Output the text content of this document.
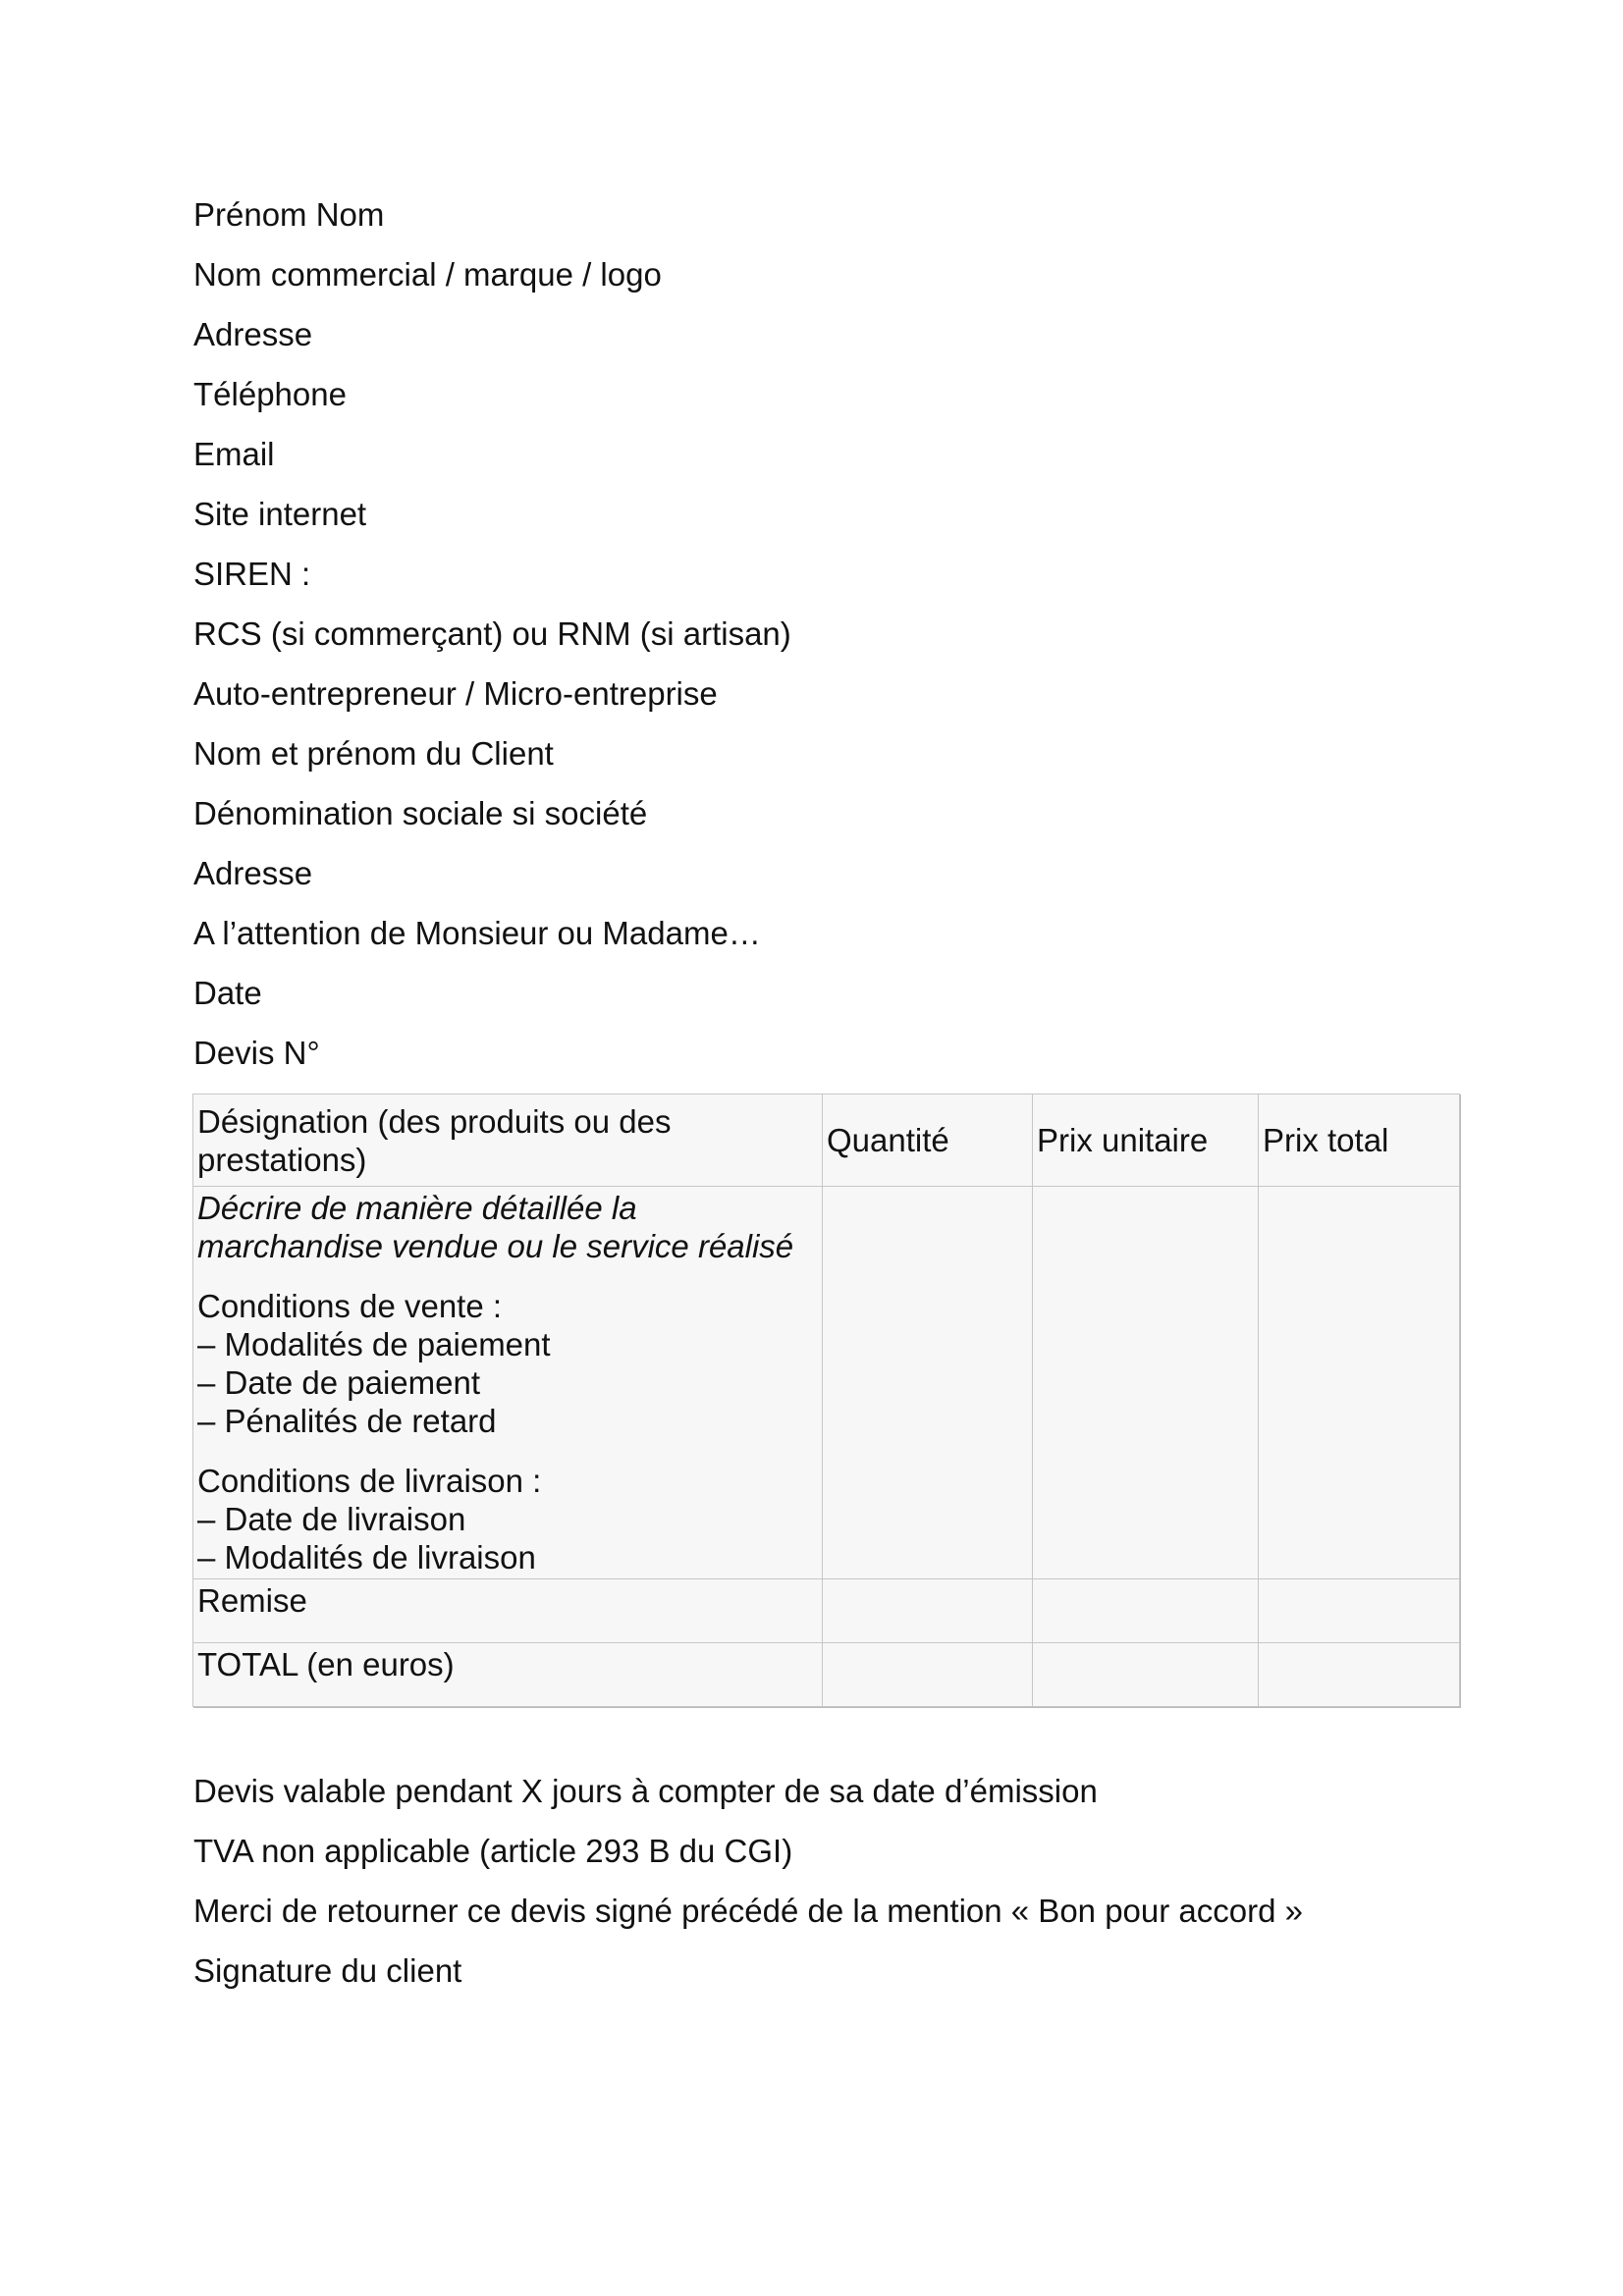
Prénom Nom

Nom commercial / marque / logo

Adresse

Téléphone

Email

Site internet

SIREN :

RCS (si commerçant) ou RNM (si artisan)

Auto-entrepreneur / Micro-entreprise

Nom et prénom du Client

Dénomination sociale si société

Adresse

A l’attention de Monsieur ou Madame…

Date

Devis N°

Désignation (des produits ou des prestations)	Quantité	Prix unitaire	Prix total

Décrire de manière détaillée la marchandise vendue ou le service réalisé
Conditions de vente :
– Modalités de paiement
– Date de paiement
– Pénalités de retard
Conditions de livraison :
– Date de livraison
– Modalités de livraison

Remise			
TOTAL (en euros)			

Devis valable pendant X jours à compter de sa date d’émission

TVA non applicable (article 293 B du CGI)

Merci de retourner ce devis signé précédé de la mention « Bon pour accord »

Signature du client
